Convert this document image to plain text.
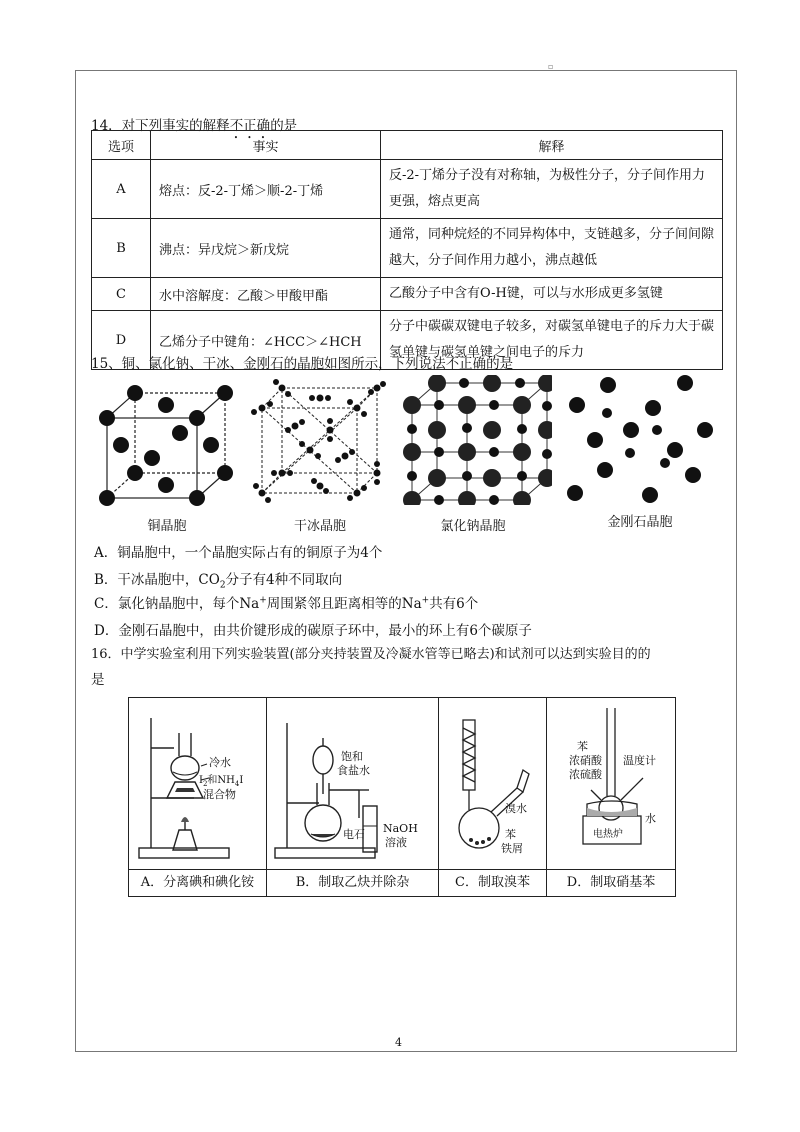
▫
14．对下列事实的解释不正确的是
选项	事实	解释
A	熔点：反-2-丁烯＞顺-2-丁烯	反-2-丁烯分子没有对称轴，为极性分子，分子间作用力更强，熔点更高
B	沸点：异戊烷＞新戊烷	通常，同种烷烃的不同异构体中，支链越多，分子间间隙越大，分子间作用力越小，沸点越低
C	水中溶解度：乙酸＞甲酸甲酯	乙酸分子中含有O-H键，可以与水形成更多氢键
D	乙烯分子中键角：∠HCC＞∠HCH	分子中碳碳双键电子较多，对碳氢单键电子的斥力大于碳氢单键与碳氢单键之间电子的斥力
15、铜、氯化钠、干冰、金刚石的晶胞如图所示，下列说法不正确的是
铜晶胞	干冰晶胞	氯化钠晶胞	金刚石晶胞
A．铜晶胞中，一个晶胞实际占有的铜原子为4个
B．干冰晶胞中，$CO_2$分子有4种不同取向
C．氯化钠晶胞中，每个Na+周围紧邻且距离相等的Na+共有6个
D．金刚石晶胞中，由共价键形成的碳原子环中，最小的环上有6个碳原子
16．中学实验室利用下列实验装置(部分夹持装置及冷凝水管等已略去)和试剂可以达到实验目的的
是
冷水
$I_2$和$NH_4I$
混合物
A．分离碘和碘化铵
饱和
食盐水
电石 NaOH
溶液
B．制取乙炔并除杂
溴水
苯
铁屑
C．制取溴苯
苯
浓硝酸
浓硫酸
温度计
水
电热炉
D．制取硝基苯
4
